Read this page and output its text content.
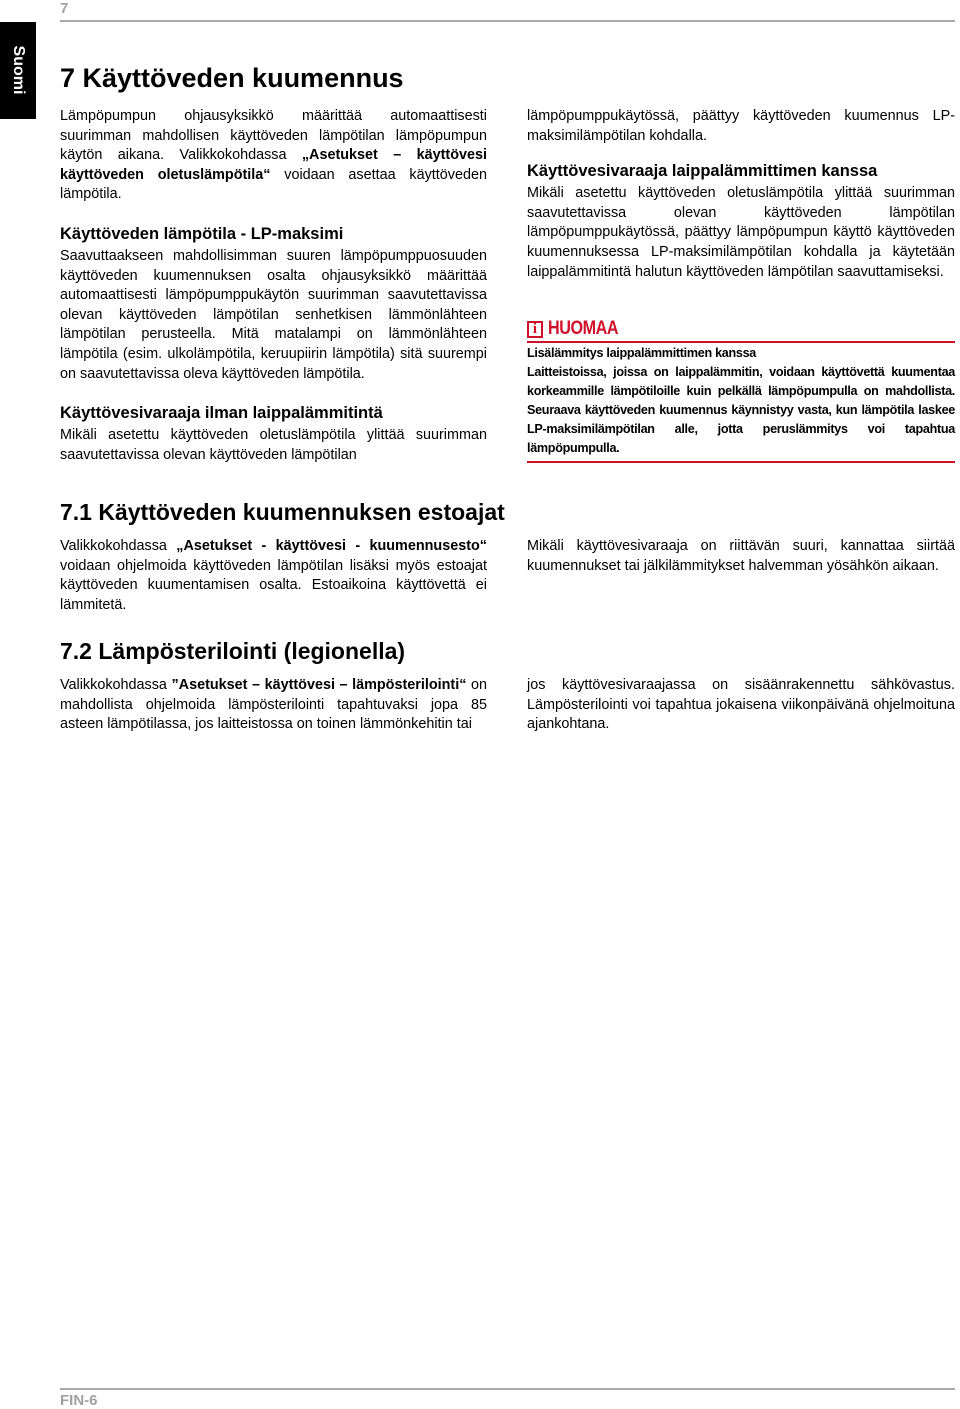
7
Suomi 7 Käyttöveden kuumennus

Lämpöpumpun ohjausyksikkö määrittää automaattisesti suurimman mahdollisen käyttöveden lämpötilan lämpöpumpun käytön aikana. Valikkokohdassa „Asetukset – käyttövesi käyttöveden oletuslämpötila“ voidaan asettaa käyttöveden lämpötila.

Käyttöveden lämpötila - LP-maksimi

Saavuttaakseen mahdollisimman suuren lämpöpumppuosuuden käyttöveden kuumennuksen osalta ohjausyksikkö määrittää automaattisesti lämpöpumppukäytön suurimman saavutettavissa olevan käyttöveden lämpötilan senhetkisen lämmönlähteen lämpötilan perusteella. Mitä matalampi on lämmönlähteen lämpötila (esim. ulkolämpötila, keruupiirin lämpötila) sitä suurempi on saavutettavissa oleva käyttöveden lämpötila.

Käyttövesivaraaja ilman laippalämmitintä

Mikäli asetettu käyttöveden oletuslämpötila ylittää suurimman saavutettavissa olevan käyttöveden lämpötilan

lämpöpumppukäytössä, päättyy käyttöveden kuumennus LP-maksimilämpötilan kohdalla.

Käyttövesivaraaja laippalämmittimen kanssa

Mikäli asetettu käyttöveden oletuslämpötila ylittää suurimman saavutettavissa olevan käyttöveden lämpötilan lämpöpumppukäytössä, päättyy lämpöpumpun käyttö käyttöveden kuumennuksessa LP-maksimilämpötilan kohdalla ja käytetään laippalämmitintä halutun käyttöveden lämpötilan saavuttamiseksi.

i HUOMAA

Lisälämmitys laippalämmittimen kanssa

Laitteistoissa, joissa on laippalämmitin, voidaan käyttövettä kuumentaa korkeammille lämpötiloille kuin pelkällä lämpöpumpulla on mahdollista. Seuraava käyttöveden kuumennus käynnistyy vasta, kun lämpötila laskee LP-maksimilämpötilan alle, jotta peruslämmitys voi tapahtua lämpöpumpulla.

7.1 Käyttöveden kuumennuksen estoajat

Valikkokohdassa „Asetukset - käyttövesi - kuumennusesto“ voidaan ohjelmoida käyttöveden lämpötilan lisäksi myös estoajat käyttöveden kuumentamisen osalta. Estoaikoina käyttövettä ei lämmitetä.

Mikäli käyttövesivaraaja on riittävän suuri, kannattaa siirtää kuumennukset tai jälkilämmitykset halvemman yösähkön aikaan.

7.2 Lämpösterilointi (legionella)

Valikkokohdassa ”Asetukset – käyttövesi – lämpösterilointi“ on mahdollista ohjelmoida lämpösterilointi tapahtuvaksi jopa 85 asteen lämpötilassa, jos laitteistossa on toinen lämmönkehitin tai

jos käyttövesivaraajassa on sisäänrakennettu sähkövastus. Lämpösterilointi voi tapahtua jokaisena viikonpäivänä ohjelmoituna ajankohtana.

FIN-6
